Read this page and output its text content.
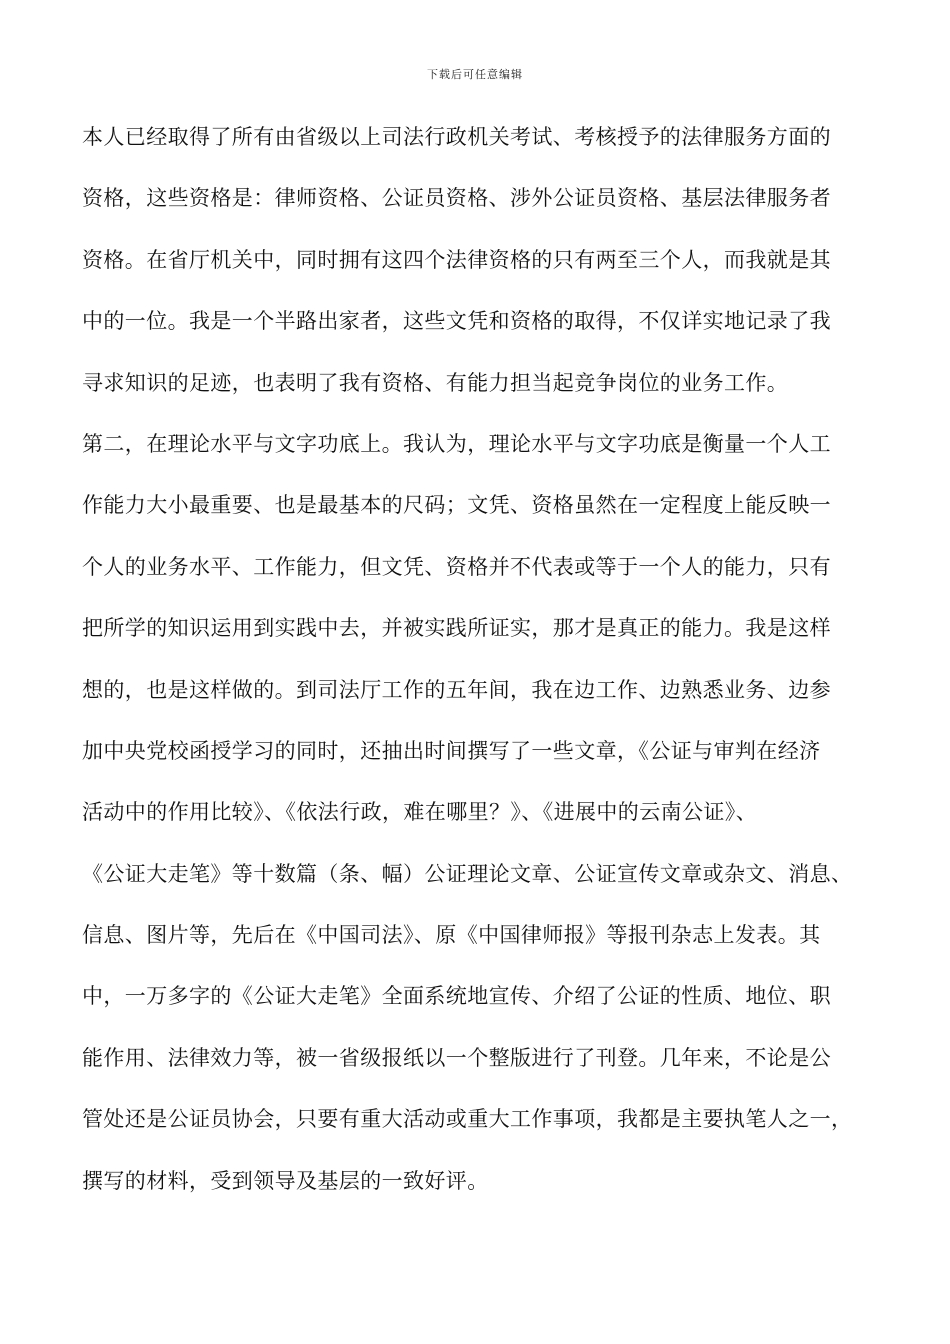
下载后可任意编辑
本人已经取得了所有由省级以上司法行政机关考试、考核授予的法律服务方面的
资格，这些资格是：律师资格、公证员资格、涉外公证员资格、基层法律服务者
资格。在省厅机关中，同时拥有这四个法律资格的只有两至三个人，而我就是其
中的一位。我是一个半路出家者，这些文凭和资格的取得，不仅详实地记录了我
寻求知识的足迹，也表明了我有资格、有能力担当起竞争岗位的业务工作。
第二，在理论水平与文字功底上。我认为，理论水平与文字功底是衡量一个人工
作能力大小最重要、也是最基本的尺码；文凭、资格虽然在一定程度上能反映一
个人的业务水平、工作能力，但文凭、资格并不代表或等于一个人的能力，只有
把所学的知识运用到实践中去，并被实践所证实，那才是真正的能力。我是这样
想的，也是这样做的。到司法厅工作的五年间，我在边工作、边熟悉业务、边参
加中央党校函授学习的同时，还抽出时间撰写了一些文章，《公证与审判在经济
活动中的作用比较》、《依法行政，难在哪里？》、《进展中的云南公证》、
《公证大走笔》等十数篇（条、幅）公证理论文章、公证宣传文章或杂文、消息、
信息、图片等，先后在《中国司法》、原《中国律师报》等报刊杂志上发表。其
中，一万多字的《公证大走笔》全面系统地宣传、介绍了公证的性质、地位、职
能作用、法律效力等，被一省级报纸以一个整版进行了刊登。几年来，不论是公
管处还是公证员协会，只要有重大活动或重大工作事项，我都是主要执笔人之一，
撰写的材料，受到领导及基层的一致好评。
